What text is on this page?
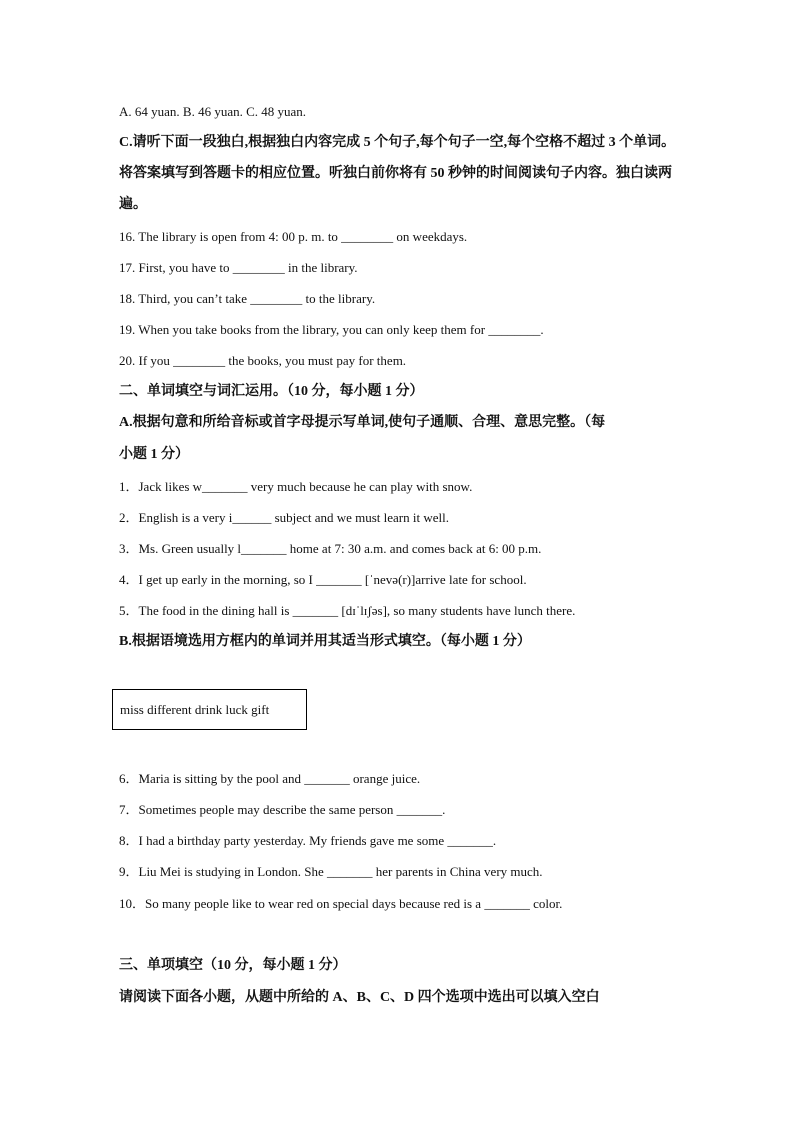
A. 64 yuan. B. 46 yuan. C. 48 yuan.
C.请听下面一段独白,根据独白内容完成 5 个句子,每个句子一空,每个空格不超过 3 个单词。
将答案填写到答题卡的相应位置。听独白前你将有 50 秒钟的时间阅读句子内容。独白读两
遍。
16. The library is open from 4: 00 p. m. to ________ on weekdays.
17. First, you have to ________ in the library.
18. Third, you can’t take ________ to the library.
19. When you take books from the library, you can only keep them for ________.
20. If you ________ the books, you must pay for them.
二、单词填空与词汇运用。（10 分，每小题 1 分）
A.根据句意和所给音标或首字母提示写单词,使句子通顺、合理、意思完整。（每
小题 1 分）
1．Jack likes w_______ very much because he can play with snow.
2．English is a very i______ subject and we must learn it well.
3．Ms. Green usually l_______ home at 7: 30 a.m. and comes back at 6: 00 p.m.
4．I get up early in the morning, so I _______ [ˈnevə(r)]arrive late for school.
5．The food in the dining hall is _______ [dɪˈlɪʃəs], so many students have lunch there.
B.根据语境选用方框内的单词并用其适当形式填空。（每小题 1 分）
miss different drink luck gift
6．Maria is sitting by the pool and _______ orange juice.
7．Sometimes people may describe the same person _______.
8．I had a birthday party yesterday. My friends gave me some _______.
9．Liu Mei is studying in London. She _______ her parents in China very much.
10．So many people like to wear red on special days because red is a _______ color.
三、单项填空（10 分，每小题 1 分）
请阅读下面各小题，从题中所给的 A、B、C、D 四个选项中选出可以填入空白
